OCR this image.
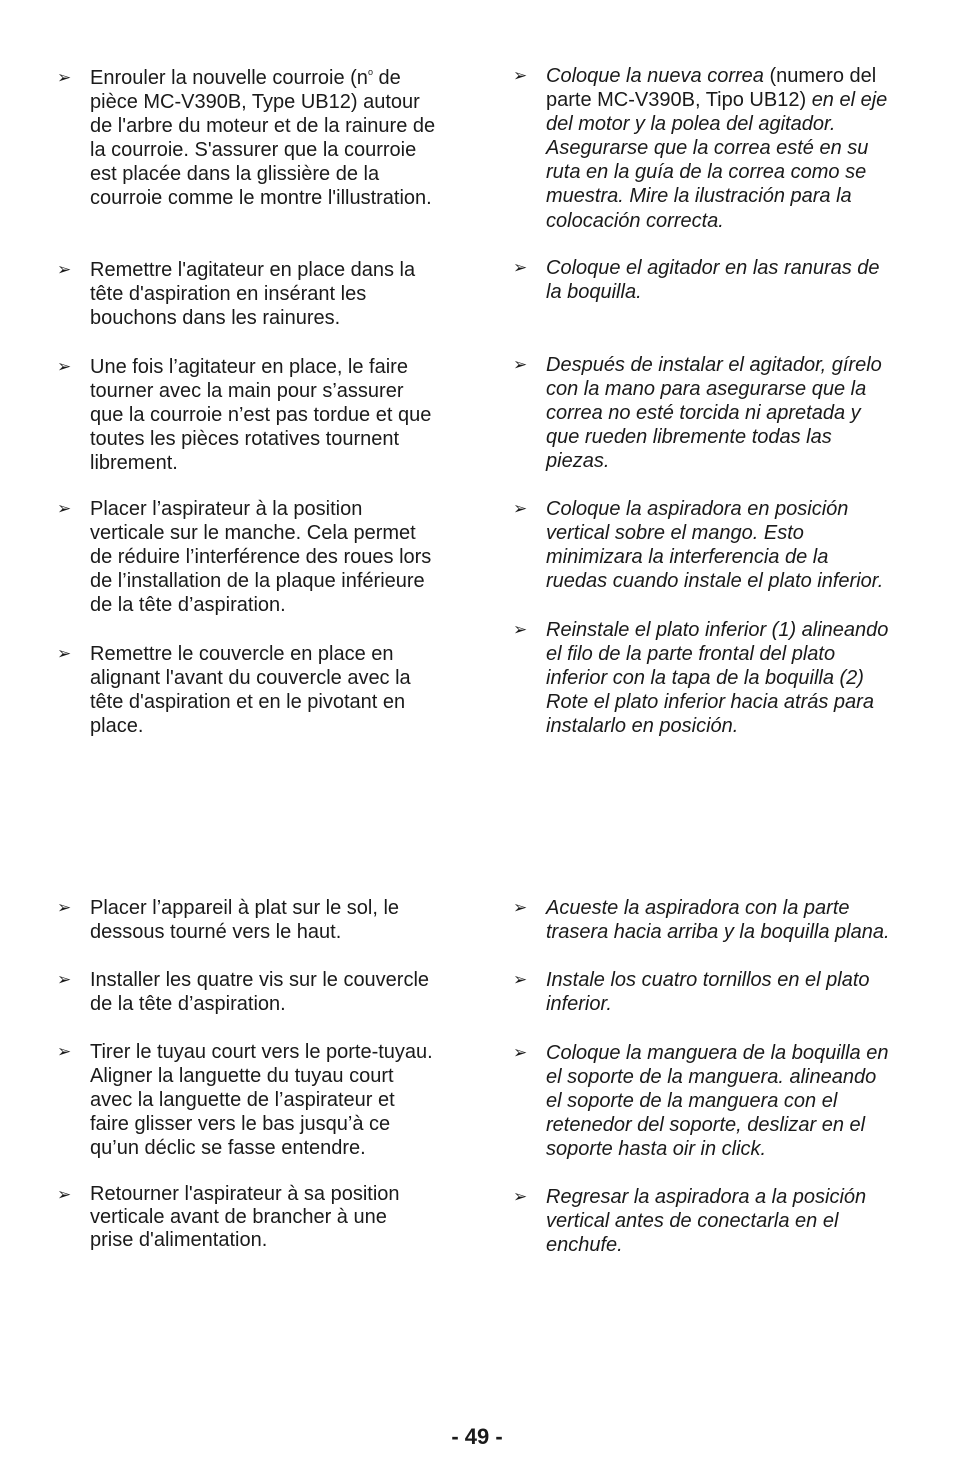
➢ Enrouler la nouvelle courroie ($n^o$ de
pièce MC-V390B, Type UB12) autour
de l'arbre du moteur et de la rainure de
la courroie. S'assurer que la courroie
est placée dans la glissière de la
courroie comme le montre l'illustration.
➢ Remettre l'agitateur en place dans la
tête d'aspiration en insérant les
bouchons dans les rainures.
➢ Une fois l’agitateur en place, le faire
tourner avec la main pour s’assurer
que la courroie n’est pas tordue et que
toutes les pièces rotatives tournent
librement.
➢ Placer l’aspirateur à la position
verticale sur le manche. Cela permet
de réduire l’interférence des roues lors
de l’installation de la plaque inférieure
de la tête d’aspiration.
➢ Remettre le couvercle en place en
alignant l'avant du couvercle avec la
tête d'aspiration et en le pivotant en
place.
➢ Coloque la nueva correa (numero del
parte MC-V390B, Tipo UB12) en el eje
del motor y la polea del agitador.
Asegurarse que la correa esté en su
ruta en la guía de la correa como se
muestra. Mire la ilustración para la
colocación correcta.
➢ Coloque el agitador en las ranuras de
la boquilla.
➢ Después de instalar el agitador, gírelo
con la mano para asegurarse que la
correa no esté torcida ni apretada y
que rueden libremente todas las
piezas.
➢ Coloque la aspiradora en posición
vertical sobre el mango. Esto
minimizara la interferencia de la
ruedas cuando instale el plato inferior.
➢ Reinstale el plato inferior (1) alineando
el filo de la parte frontal del plato
inferior con la tapa de la boquilla (2)
Rote el plato inferior hacia atrás para
instalarlo en posición.
➢ Placer l’appareil à plat sur le sol, le
dessous tourné vers le haut.
➢ Installer les quatre vis sur le couvercle
de la tête d’aspiration.
➢ Tirer le tuyau court vers le porte-tuyau.
Aligner la languette du tuyau court
avec la languette de l’aspirateur et
faire glisser vers le bas jusqu’à ce
qu’un déclic se fasse entendre.
➢ Retourner l'aspirateur à sa position
verticale avant de brancher à une
prise d'alimentation.
➢ Acueste la aspiradora con la parte
trasera hacia arriba y la boquilla plana.
➢ Instale los cuatro tornillos en el plato
inferior.
➢ Coloque la manguera de la boquilla en
el soporte de la manguera. alineando
el soporte de la manguera con el
retenedor del soporte, deslizar en el
soporte hasta oir in click.
➢ Regresar la aspiradora a la posición
vertical antes de conectarla en el
enchufe.
- 49 -
